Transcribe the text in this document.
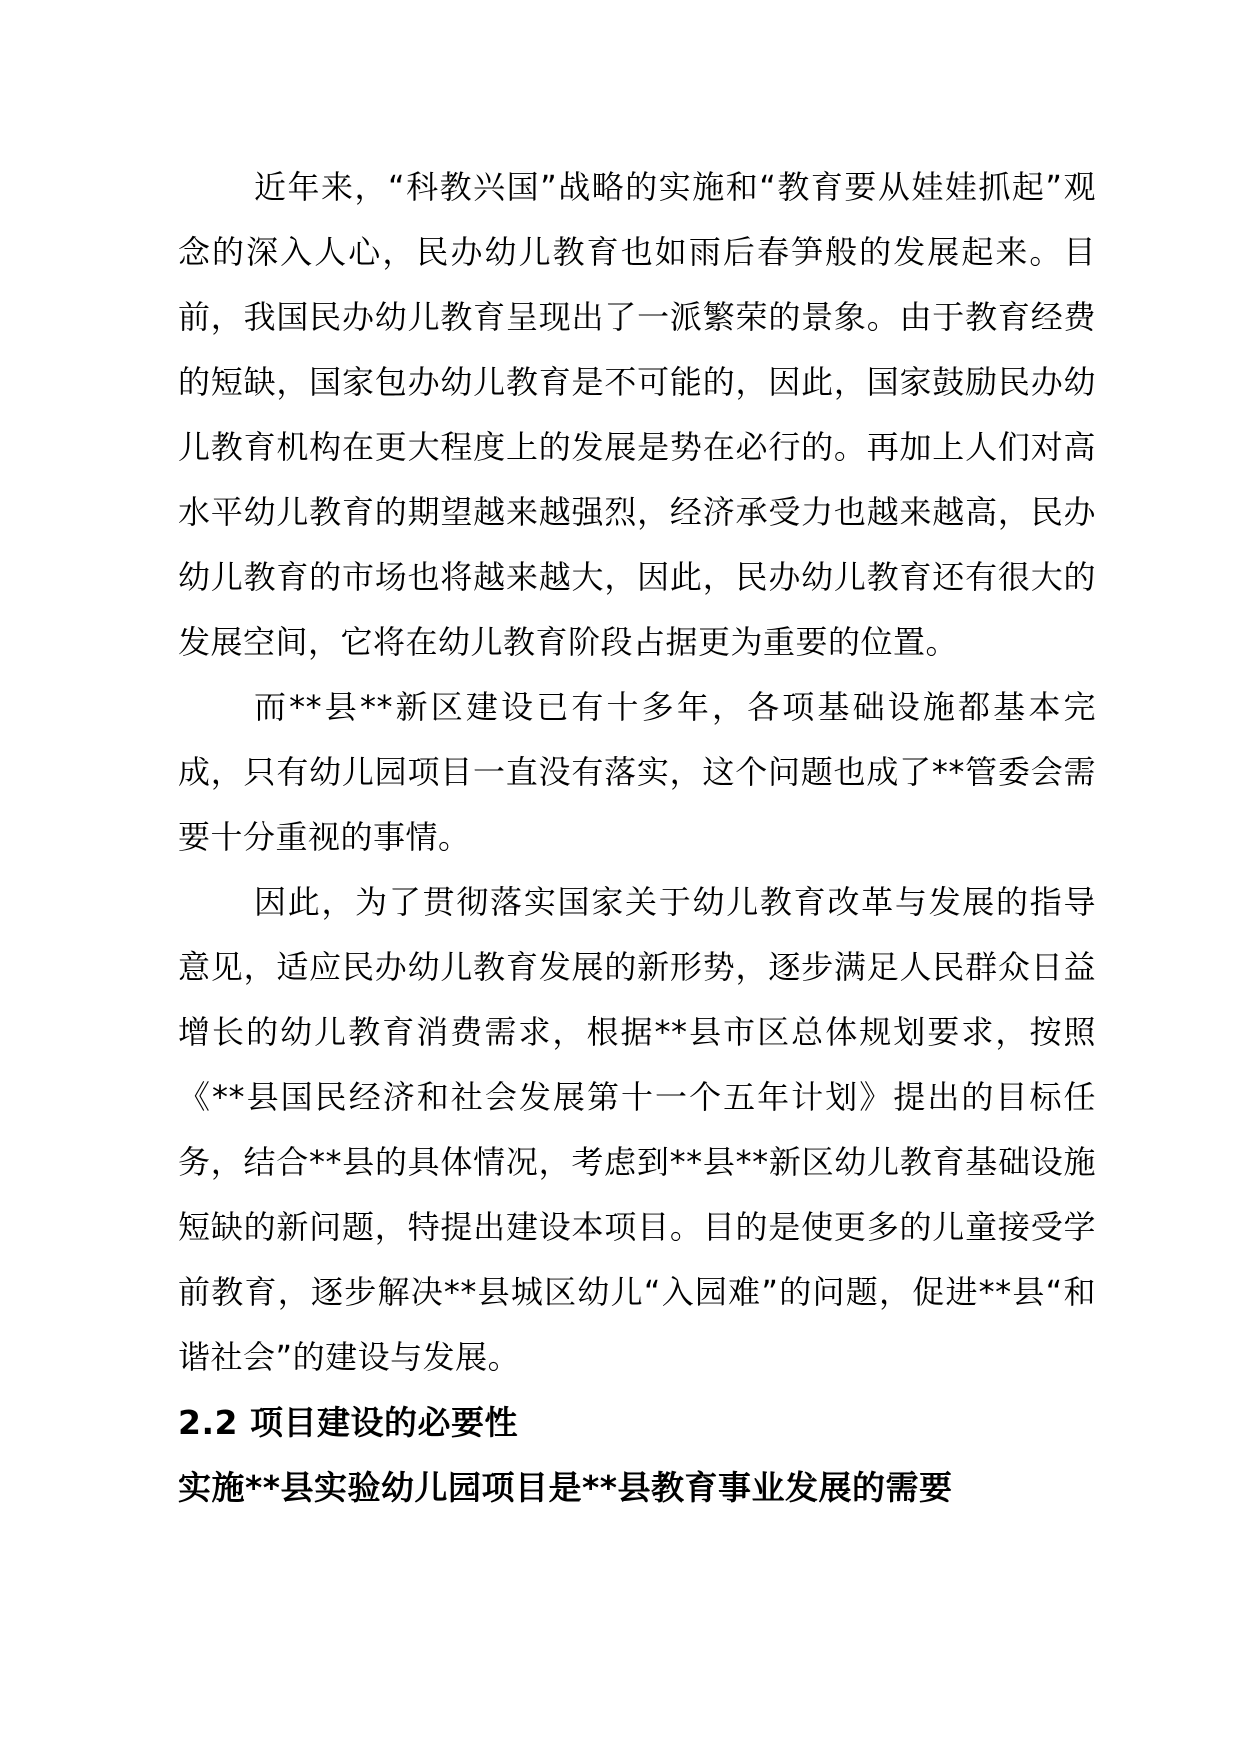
近年来，“科教兴国”战略的实施和“教育要从娃娃抓起”观念的深入人心，民办幼儿教育也如雨后春笋般的发展起来。目前，我国民办幼儿教育呈现出了一派繁荣的景象。由于教育经费的短缺，国家包办幼儿教育是不可能的，因此，国家鼓励民办幼儿教育机构在更大程度上的发展是势在必行的。再加上人们对高水平幼儿教育的期望越来越强烈，经济承受力也越来越高，民办幼儿教育的市场也将越来越大，因此，民办幼儿教育还有很大的发展空间，它将在幼儿教育阶段占据更为重要的位置。

而**县**新区建设已有十多年，各项基础设施都基本完成，只有幼儿园项目一直没有落实，这个问题也成了**管委会需要十分重视的事情。

因此，为了贯彻落实国家关于幼儿教育改革与发展的指导意见，适应民办幼儿教育发展的新形势，逐步满足人民群众日益增长的幼儿教育消费需求，根据**县市区总体规划要求，按照《**县国民经济和社会发展第十一个五年计划》提出的目标任务，结合**县的具体情况，考虑到**县**新区幼儿教育基础设施短缺的新问题，特提出建设本项目。目的是使更多的儿童接受学前教育，逐步解决**县城区幼儿“入园难”的问题，促进**县“和谐社会”的建设与发展。

2.2 项目建设的必要性
实施**县实验幼儿园项目是**县教育事业发展的需要
